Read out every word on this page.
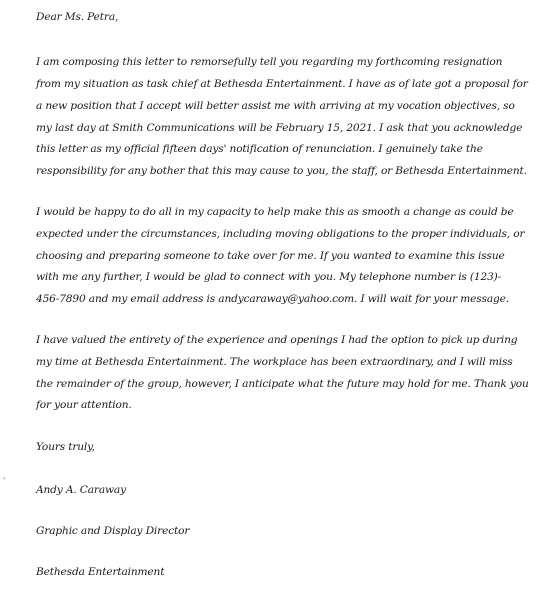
Dear Ms. Petra,
I am composing this letter to remorsefully tell you regarding my forthcoming resignation
from my situation as task chief at Bethesda Entertainment. I have as of late got a proposal for
a new position that I accept will better assist me with arriving at my vocation objectives, so
my last day at Smith Communications will be February 15, 2021. I ask that you acknowledge
this letter as my official fifteen days' notification of renunciation. I genuinely take the
responsibility for any bother that this may cause to you, the staff, or Bethesda Entertainment.
I would be happy to do all in my capacity to help make this as smooth a change as could be
expected under the circumstances, including moving obligations to the proper individuals, or
choosing and preparing someone to take over for me. If you wanted to examine this issue
with me any further, I would be glad to connect with you. My telephone number is (123)-
456-7890 and my email address is andycaraway@yahoo.com. I will wait for your message.
I have valued the entirety of the experience and openings I had the option to pick up during
my time at Bethesda Entertainment. The workplace has been extraordinary, and I will miss
the remainder of the group, however, I anticipate what the future may hold for me. Thank you
for your attention.
Yours truly,
Andy A. Caraway
Graphic and Display Director
Bethesda Entertainment
˅
